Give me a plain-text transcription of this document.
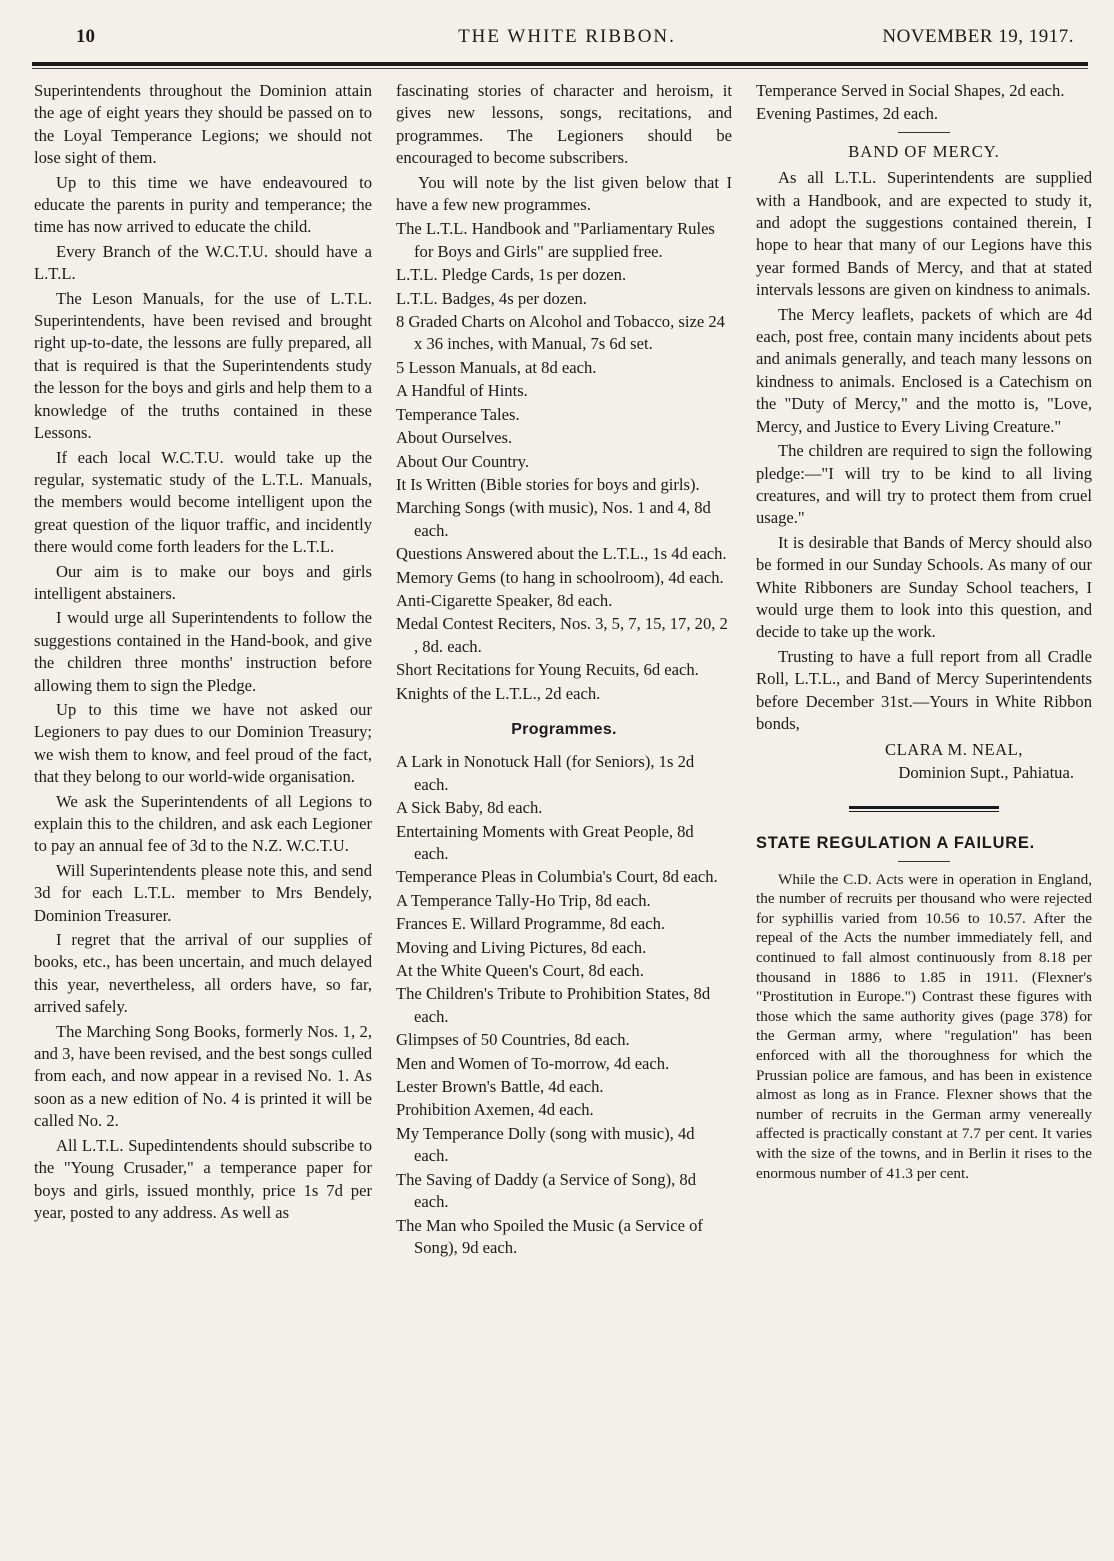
10	THE WHITE RIBBON.	NOVEMBER 19, 1917.

Superintendents throughout the Dominion attain the age of eight years they should be passed on to the Loyal Temperance Legions; we should not lose sight of them.

Up to this time we have endeavoured to educate the parents in purity and temperance; the time has now arrived to educate the child.

Every Branch of the W.C.T.U. should have a L.T.L.

The Leson Manuals, for the use of L.T.L. Superintendents, have been revised and brought right up-to-date, the lessons are fully prepared, all that is required is that the Superintendents study the lesson for the boys and girls and help them to a knowledge of the truths contained in these Lessons.

If each local W.C.T.U. would take up the regular, systematic study of the L.T.L. Manuals, the members would become intelligent upon the great question of the liquor traffic, and incidently there would come forth leaders for the L.T.L.

Our aim is to make our boys and girls intelligent abstainers.

I would urge all Superintendents to follow the suggestions contained in the Hand-book, and give the children three months' instruction before allowing them to sign the Pledge.

Up to this time we have not asked our Legioners to pay dues to our Dominion Treasury; we wish them to know, and feel proud of the fact, that they belong to our world-wide organisation.

We ask the Superintendents of all Legions to explain this to the children, and ask each Legioner to pay an annual fee of 3d to the N.Z. W.C.T.U.

Will Superintendents please note this, and send 3d for each L.T.L. member to Mrs Bendely, Dominion Treasurer.

I regret that the arrival of our supplies of books, etc., has been uncertain, and much delayed this year, nevertheless, all orders have, so far, arrived safely.

The Marching Song Books, formerly Nos. 1, 2, and 3, have been revised, and the best songs culled from each, and now appear in a revised No. 1. As soon as a new edition of No. 4 is printed it will be called No. 2.

All L.T.L. Supedintendents should subscribe to the "Young Crusader," a temperance paper for boys and girls, issued monthly, price 1s 7d per year, posted to any address. As well as

fascinating stories of character and heroism, it gives new lessons, songs, recitations, and programmes. The Legioners should be encouraged to become subscribers.

You will note by the list given below that I have a few new programmes.

The L.T.L. Handbook and "Parliamentary Rules for Boys and Girls" are supplied free.

L.T.L. Pledge Cards, 1s per dozen.

L.T.L. Badges, 4s per dozen.

8 Graded Charts on Alcohol and Tobacco, size 24 x 36 inches, with Manual, 7s 6d set.

5 Lesson Manuals, at 8d each.

A Handful of Hints.

Temperance Tales.

About Ourselves.

About Our Country.

It Is Written (Bible stories for boys and girls).

Marching Songs (with music), Nos. 1 and 4, 8d each.

Questions Answered about the L.T.L., 1s 4d each.

Memory Gems (to hang in schoolroom), 4d each.

Anti-Cigarette Speaker, 8d each.

Medal Contest Reciters, Nos. 3, 5, 7, 15, 17, 20, 2 , 8d. each.

Short Recitations for Young Recuits, 6d each.

Knights of the L.T.L., 2d each.

Programmes.

A Lark in Nonotuck Hall (for Seniors), 1s 2d each.

A Sick Baby, 8d each.

Entertaining Moments with Great People, 8d each.

Temperance Pleas in Columbia's Court, 8d each.

A Temperance Tally-Ho Trip, 8d each.

Frances E. Willard Programme, 8d each.

Moving and Living Pictures, 8d each.

At the White Queen's Court, 8d each.

The Children's Tribute to Prohibition States, 8d each.

Glimpses of 50 Countries, 8d each.

Men and Women of To-morrow, 4d each.

Lester Brown's Battle, 4d each.

Prohibition Axemen, 4d each.

My Temperance Dolly (song with music), 4d each.

The Saving of Daddy (a Service of Song), 8d each.

The Man who Spoiled the Music (a Service of Song), 9d each.

Temperance Served in Social Shapes, 2d each.

Evening Pastimes, 2d each.

BAND OF MERCY.

As all L.T.L. Superintendents are supplied with a Handbook, and are expected to study it, and adopt the suggestions contained therein, I hope to hear that many of our Legions have this year formed Bands of Mercy, and that at stated intervals lessons are given on kindness to animals.

The Mercy leaflets, packets of which are 4d each, post free, contain many incidents about pets and animals generally, and teach many lessons on kindness to animals. Enclosed is a Catechism on the "Duty of Mercy," and the motto is, "Love, Mercy, and Justice to Every Living Creature."

The children are required to sign the following pledge:—"I will try to be kind to all living creatures, and will try to protect them from cruel usage."

It is desirable that Bands of Mercy should also be formed in our Sunday Schools. As many of our White Ribboners are Sunday School teachers, I would urge them to look into this question, and decide to take up the work.

Trusting to have a full report from all Cradle Roll, L.T.L., and Band of Mercy Superintendents before December 31st.—Yours in White Ribbon bonds,

CLARA M. NEAL,
Dominion Supt., Pahiatua.
STATE REGULATION A FAILURE.

While the C.D. Acts were in operation in England, the number of recruits per thousand who were rejected for syphillis varied from 10.56 to 10.57. After the repeal of the Acts the number immediately fell, and continued to fall almost continuously from 8.18 per thousand in 1886 to 1.85 in 1911. (Flexner's "Prostitution in Europe.") Contrast these figures with those which the same authority gives (page 378) for the German army, where "regulation" has been enforced with all the thoroughness for which the Prussian police are famous, and has been in existence almost as long as in France. Flexner shows that the number of recruits in the German army venereally affected is practically constant at 7.7 per cent. It varies with the size of the towns, and in Berlin it rises to the enormous number of 41.3 per cent.
